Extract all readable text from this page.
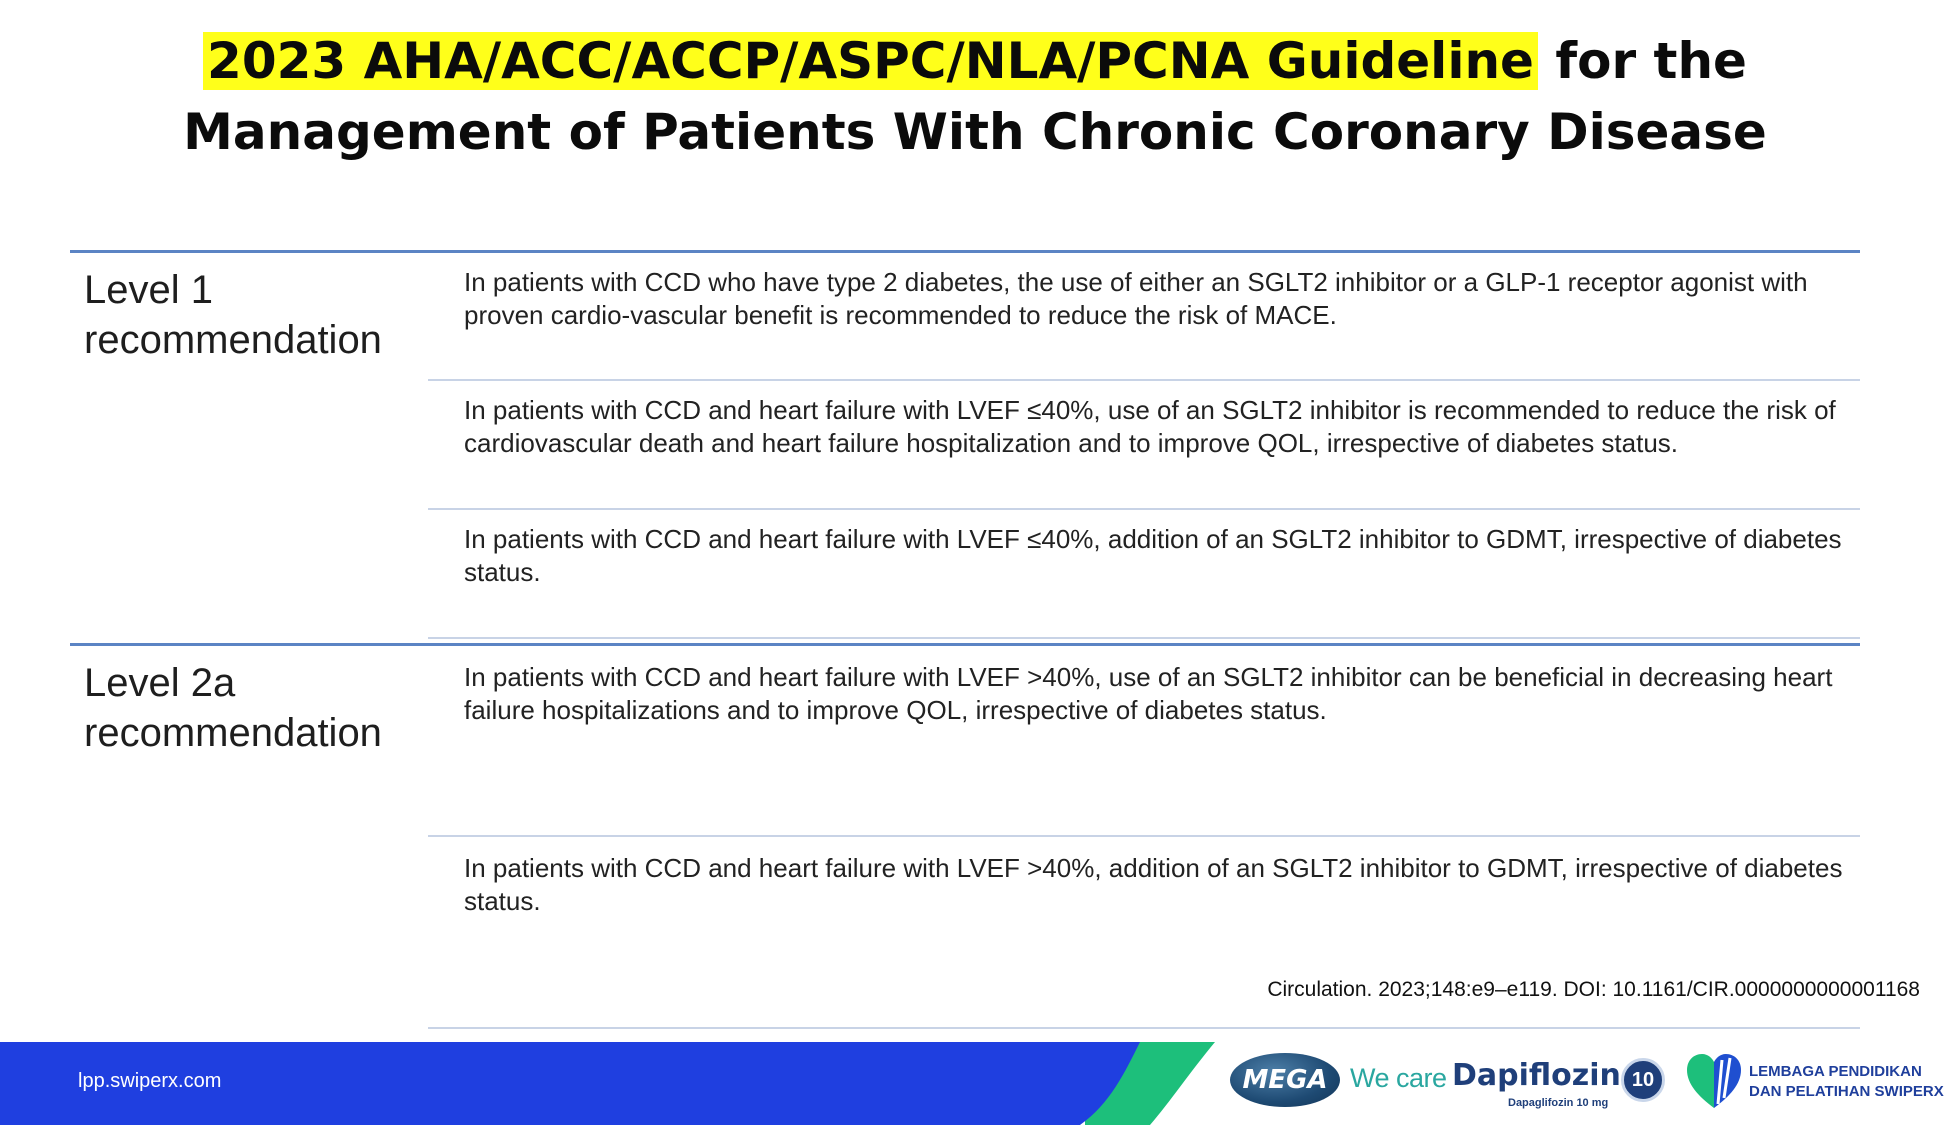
2023 AHA/ACC/ACCP/ASPC/NLA/PCNA Guideline for the
Management of Patients With Chronic Coronary Disease
Level 1
recommendation
In patients with CCD who have type 2 diabetes, the use of either an SGLT2 inhibitor or a GLP-1 receptor agonist with proven cardio-vascular benefit is recommended to reduce the risk of MACE.
In patients with CCD and heart failure with LVEF ≤40%, use of an SGLT2 inhibitor is recommended to reduce the risk of cardiovascular death and heart failure hospitalization and to improve QOL, irrespective of diabetes status.
In patients with CCD and heart failure with LVEF ≤40%, addition of an SGLT2 inhibitor to GDMT, irrespective of diabetes status.
Level 2a
recommendation
In patients with CCD and heart failure with LVEF >40%, use of an SGLT2 inhibitor can be beneficial in decreasing heart failure hospitalizations and to improve QOL, irrespective of diabetes status.
In patients with CCD and heart failure with LVEF >40%, addition of an SGLT2 inhibitor to GDMT, irrespective of diabetes status.
Circulation. 2023;148:e9–e119. DOI: 10.1161/CIR.0000000000001168
lpp.swiperx.com	MEGA We care Dapiflozin
Dapaglifozin 10 mg
10	LEMBAGA PENDIDIKAN
DAN PELATIHAN SWIPERX
